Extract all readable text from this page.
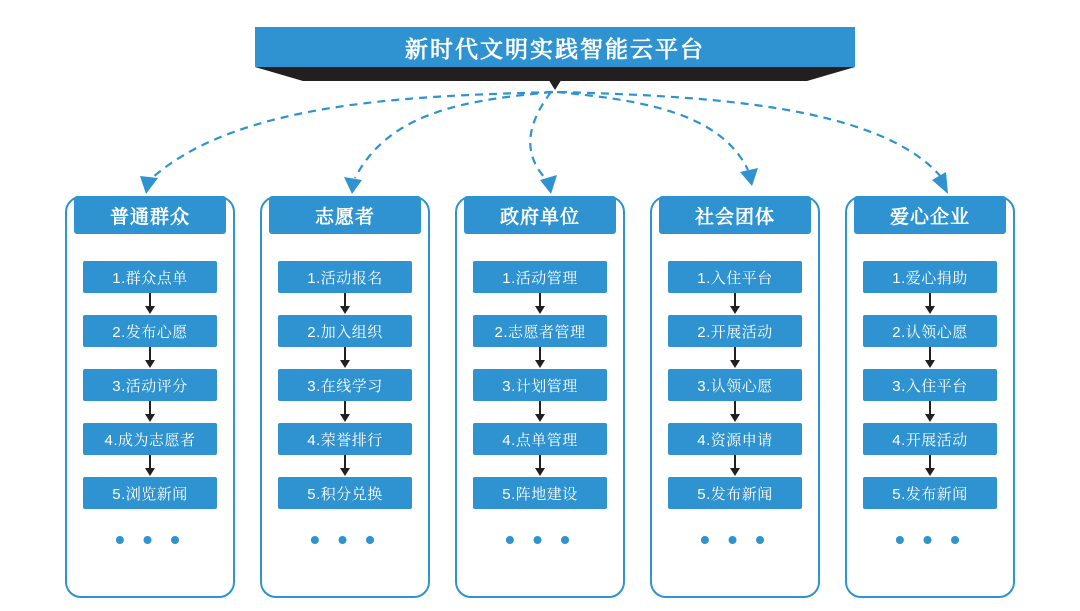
新时代文明实践智能云平台
普通群众
1.群众点单
2.发布心愿
3.活动评分
4.成为志愿者
5.浏览新闻
• • •
志愿者
1.活动报名
2.加入组织
3.在线学习
4.荣誉排行
5.积分兑换
• • •
政府单位
1.活动管理
2.志愿者管理
3.计划管理
4.点单管理
5.阵地建设
• • •
社会团体
1.入住平台
2.开展活动
3.认领心愿
4.资源申请
5.发布新闻
• • •
爱心企业
1.爱心捐助
2.认领心愿
3.入住平台
4.开展活动
5.发布新闻
• • •
